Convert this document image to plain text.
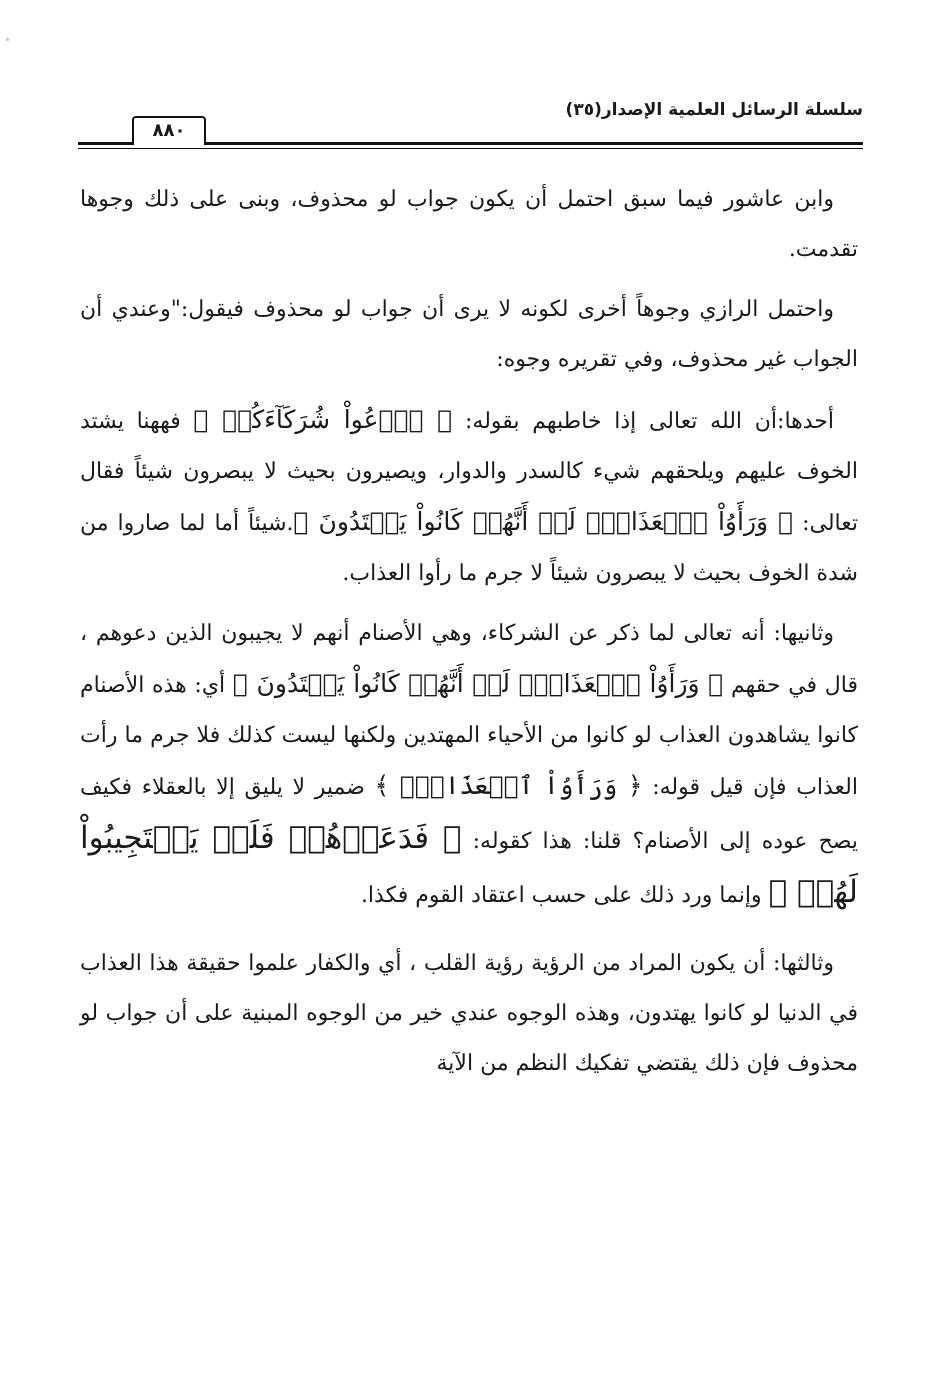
سلسلة الرسائل العلمية الإصدار(٣٥)
٨٨٠

وابن عاشور فيما سبق احتمل أن يكون جواب لو محذوف، وبنى على ذلك وجوها تقدمت.

واحتمل الرازي وجوهاً أخرى لكونه لا يرى أن جواب لو محذوف فيقول:"وعندي أن الجواب غير محذوف، وفي تقريره وجوه:

أحدها:أن الله تعالى إذا خاطبهم بقوله: ﴿ ٱدۡعُواْ شُرَكَآءَكُمۡ ﴾ فههنا يشتد الخوف عليهم ويلحقهم شيء كالسدر والدوار، ويصيرون بحيث لا يبصرون شيئاً فقال تعالى: ﴿ وَرَأَوُاْ ٱلۡعَذَابَۚ لَوۡ أَنَّهُمۡ كَانُواْ يَهۡتَدُونَ ﴾.شيئاً أما لما صاروا من شدة الخوف بحيث لا يبصرون شيئاً لا جرم ما رأوا العذاب.

وثانيها: أنه تعالى لما ذكر عن الشركاء، وهي الأصنام أنهم لا يجيبون الذين دعوهم ، قال في حقهم ﴿ وَرَأَوُاْ ٱلۡعَذَابَۚ لَوۡ أَنَّهُمۡ كَانُواْ يَهۡتَدُونَ ﴾ أي: هذه الأصنام كانوا يشاهدون العذاب لو كانوا من الأحياء المهتدين ولكنها ليست كذلك فلا جرم ما رأت العذاب فإن قيل قوله: ﴿ وَرَأَوُاْ ٱلۡعَذَابَۚ ﴾ ضمير لا يليق إلا بالعقلاء فكيف يصح عوده إلى الأصنام؟ قلنا: هذا كقوله: ﴿ فَدَعَوۡهُمۡ فَلَمۡ يَسۡتَجِيبُواْ لَهُمۡ ﴾ وإنما ورد ذلك على حسب اعتقاد القوم فكذا.

وثالثها: أن يكون المراد من الرؤية رؤية القلب ، أي والكفار علموا حقيقة هذا العذاب في الدنيا لو كانوا يهتدون، وهذه الوجوه عندي خير من الوجوه المبنية على أن جواب لو محذوف فإن ذلك يقتضي تفكيك النظم من الآية
